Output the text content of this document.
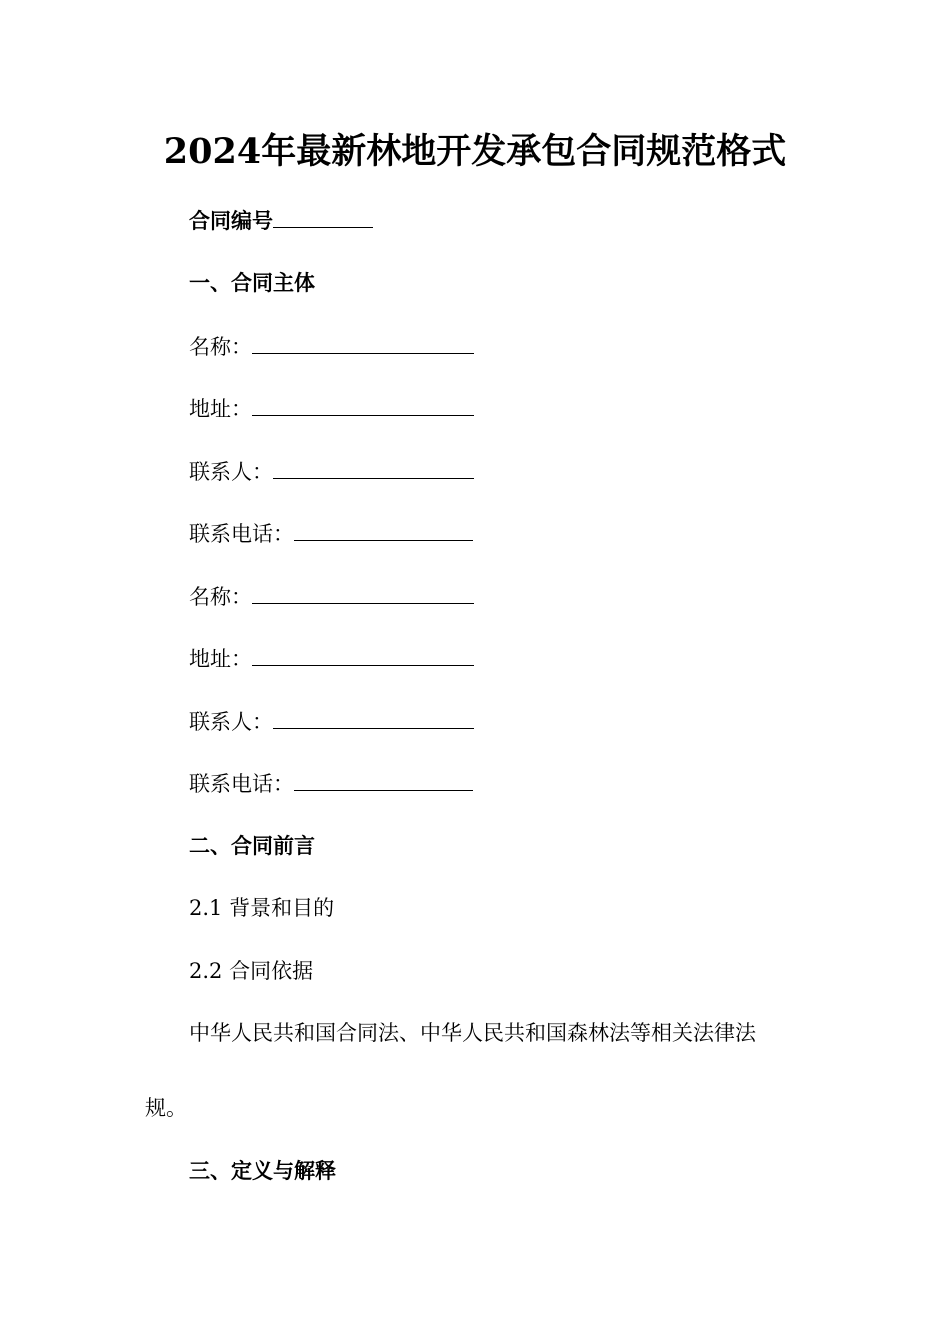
2024年最新林地开发承包合同规范格式
合同编号
一、合同主体
名称：
地址：
联系人：
联系电话：
名称：
地址：
联系人：
联系电话：
二、合同前言
2.1 背景和目的
2.2 合同依据
中华人民共和国合同法、中华人民共和国森林法等相关法律法
规。
三、定义与解释
